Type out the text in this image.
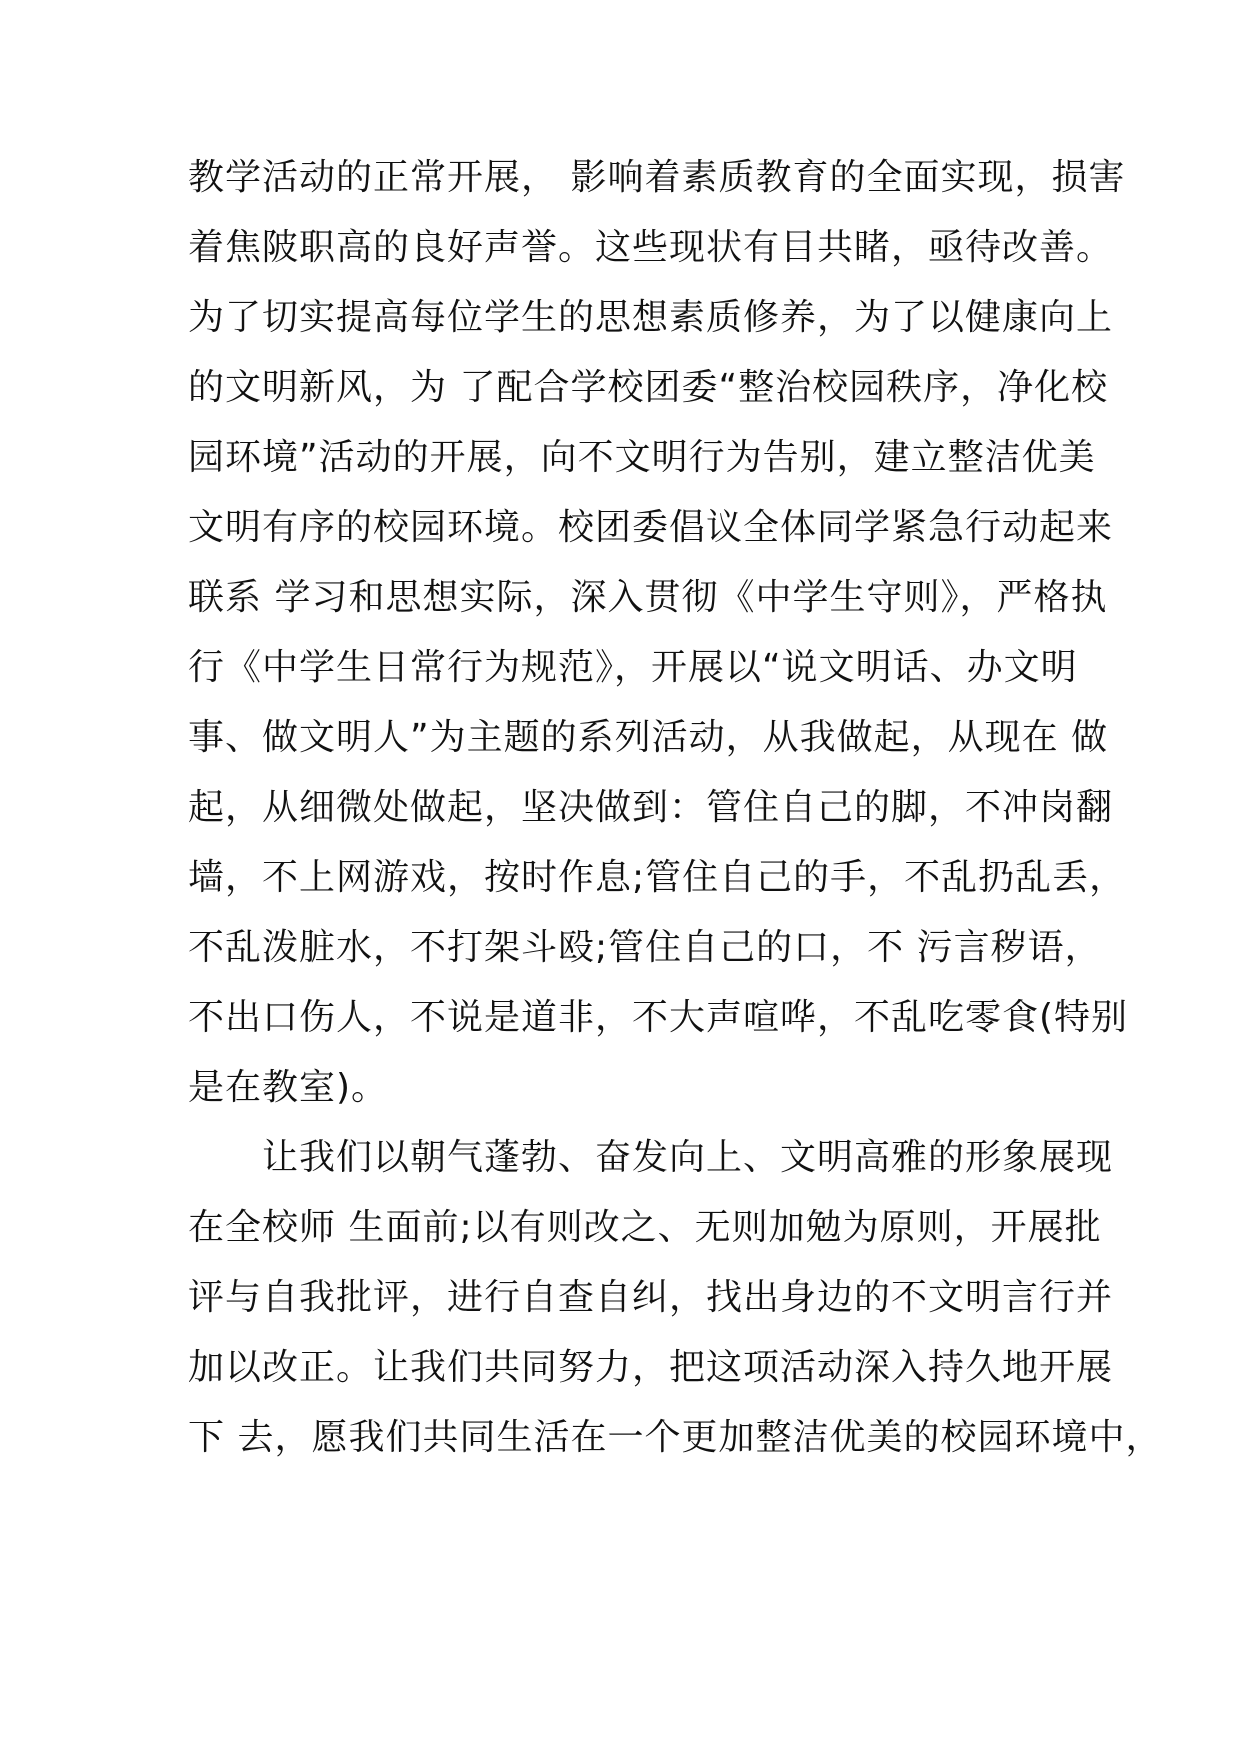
教学活动的正常开展， 影响着素质教育的全面实现，损害
着焦陂职高的良好声誉。这些现状有目共睹，亟待改善。
为了切实提高每位学生的思想素质修养，为了以健康向上
的文明新风，为 了配合学校团委“整治校园秩序，净化校
园环境”活动的开展，向不文明行为告别，建立整洁优美
文明有序的校园环境。校团委倡议全体同学紧急行动起来
联系 学习和思想实际，深入贯彻《中学生守则》，严格执
行《中学生日常行为规范》，开展以“说文明话、办文明
事、做文明人”为主题的系列活动，从我做起，从现在 做
起，从细微处做起，坚决做到：管住自己的脚，不冲岗翻
墙，不上网游戏，按时作息;管住自己的手，不乱扔乱丢，
不乱泼脏水，不打架斗殴;管住自己的口，不 污言秽语，
不出口伤人，不说是道非，不大声喧哗，不乱吃零食(特别
是在教室)。
　　让我们以朝气蓬勃、奋发向上、文明高雅的形象展现
在全校师 生面前;以有则改之、无则加勉为原则，开展批
评与自我批评，进行自查自纠，找出身边的不文明言行并
加以改正。让我们共同努力，把这项活动深入持久地开展
下 去，愿我们共同生活在一个更加整洁优美的校园环境中，
